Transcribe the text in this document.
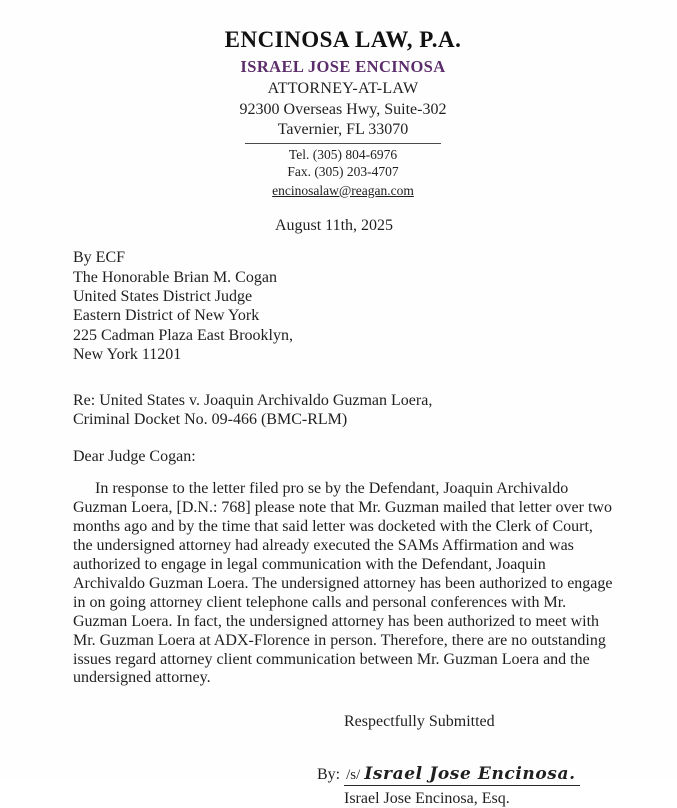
ENCINOSA LAW, P.A.
ISRAEL JOSE ENCINOSA
ATTORNEY-AT-LAW
92300 Overseas Hwy, Suite-302
Tavernier, FL 33070
Tel. (305) 804-6976
Fax. (305) 203-4707
encinosalaw@reagan.com
August 11th, 2025
By ECF
The Honorable Brian M. Cogan
United States District Judge
Eastern District of New York
225 Cadman Plaza East Brooklyn,
New York 11201
Re: United States v. Joaquin Archivaldo Guzman Loera,
Criminal Docket No. 09-466 (BMC-RLM)
Dear Judge Cogan:

In response to the letter filed pro se by the Defendant, Joaquin Archivaldo Guzman Loera, [D.N.: 768] please note that Mr. Guzman mailed that letter over two months ago and by the time that said letter was docketed with the Clerk of Court, the undersigned attorney had already executed the SAMs Affirmation and was authorized to engage in legal communication with the Defendant, Joaquin Archivaldo Guzman Loera. The undersigned attorney has been authorized to engage in on going attorney client telephone calls and personal conferences with Mr. Guzman Loera. In fact, the undersigned attorney has been authorized to meet with Mr. Guzman Loera at ADX-Florence in person. Therefore, there are no outstanding issues regard attorney client communication between Mr. Guzman Loera and the undersigned attorney.

Respectfully Submitted
By: /s/ Israel Jose Encinosa.
Israel Jose Encinosa, Esq.
